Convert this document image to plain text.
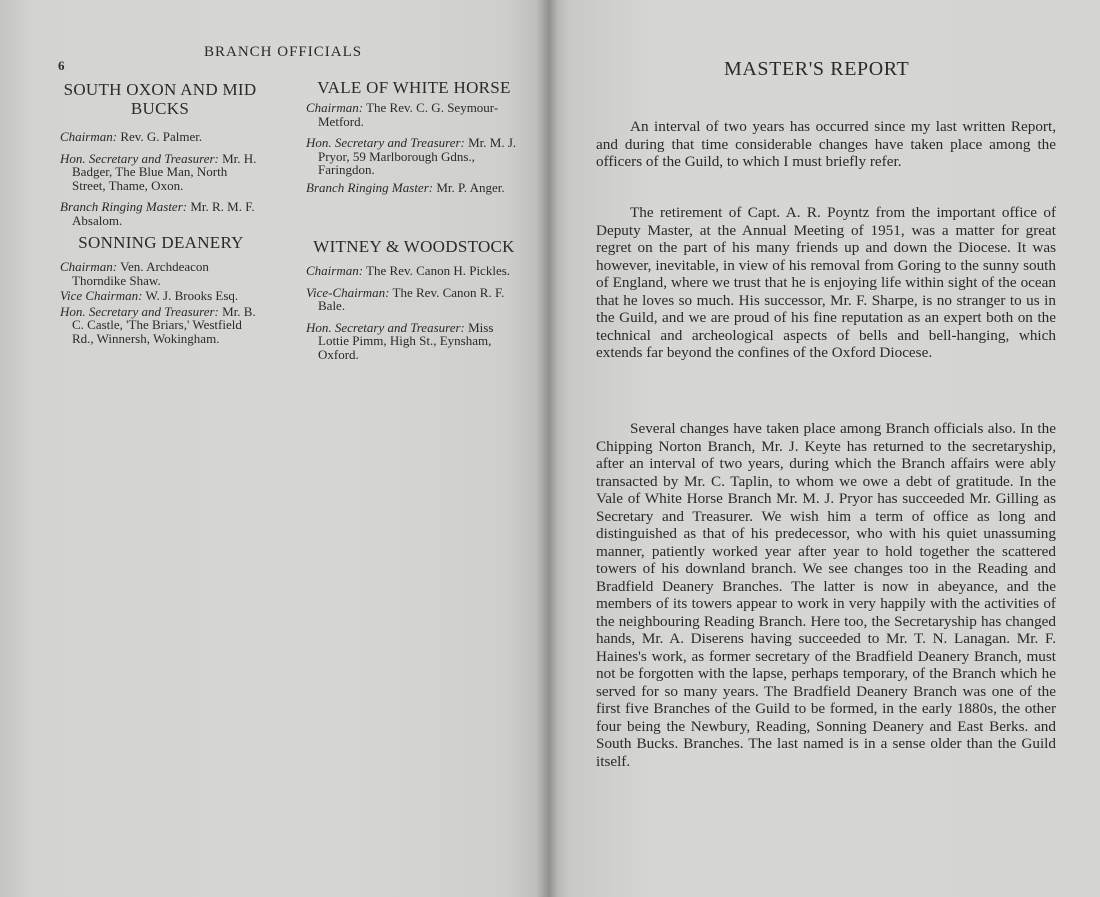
6
BRANCH OFFICIALS
SOUTH OXON AND MID BUCKS
Chairman: Rev. G. Palmer.
Hon. Secretary and Treasurer: Mr. H. Badger, The Blue Man, North Street, Thame, Oxon.
Branch Ringing Master: Mr. R. M. F. Absalom.
SONNING DEANERY
Chairman: Ven. Archdeacon Thorndike Shaw.
Vice Chairman: W. J. Brooks Esq.
Hon. Secretary and Treasurer: Mr. B. C. Castle, 'The Briars,' Westfield Rd., Winnersh, Wokingham.
VALE OF WHITE HORSE
Chairman: The Rev. C. G. Seymour-Metford.
Hon. Secretary and Treasurer: Mr. M. J. Pryor, 59 Marlborough Gdns., Faringdon.
Branch Ringing Master: Mr. P. Anger.
WITNEY & WOODSTOCK
Chairman: The Rev. Canon H. Pickles.
Vice-Chairman: The Rev. Canon R. F. Bale.
Hon. Secretary and Treasurer: Miss Lottie Pimm, High St., Eynsham, Oxford.
MASTER'S REPORT

An interval of two years has occurred since my last written Report, and during that time considerable changes have taken place among the officers of the Guild, to which I must briefly refer.

The retirement of Capt. A. R. Poyntz from the important office of Deputy Master, at the Annual Meeting of 1951, was a matter for great regret on the part of his many friends up and down the Diocese. It was however, inevitable, in view of his removal from Goring to the sunny south of England, where we trust that he is enjoying life within sight of the ocean that he loves so much. His successor, Mr. F. Sharpe, is no stranger to us in the Guild, and we are proud of his fine reputation as an expert both on the technical and archeological aspects of bells and bell-hanging, which extends far beyond the confines of the Oxford Diocese.

Several changes have taken place among Branch officials also. In the Chipping Norton Branch, Mr. J. Keyte has returned to the secretaryship, after an interval of two years, during which the Branch affairs were ably transacted by Mr. C. Taplin, to whom we owe a debt of gratitude. In the Vale of White Horse Branch Mr. M. J. Pryor has succeeded Mr. Gilling as Secretary and Treasurer. We wish him a term of office as long and distinguished as that of his predecessor, who with his quiet unassuming manner, patiently worked year after year to hold together the scattered towers of his downland branch. We see changes too in the Reading and Bradfield Deanery Branches. The latter is now in abeyance, and the members of its towers appear to work in very happily with the activities of the neighbouring Reading Branch. Here too, the Secretaryship has changed hands, Mr. A. Diserens having succeeded to Mr. T. N. Lanagan. Mr. F. Haines's work, as former secretary of the Bradfield Deanery Branch, must not be forgotten with the lapse, perhaps temporary, of the Branch which he served for so many years. The Bradfield Deanery Branch was one of the first five Branches of the Guild to be formed, in the early 1880s, the other four being the Newbury, Reading, Sonning Deanery and East Berks. and South Bucks. Branches. The last named is in a sense older than the Guild itself.
